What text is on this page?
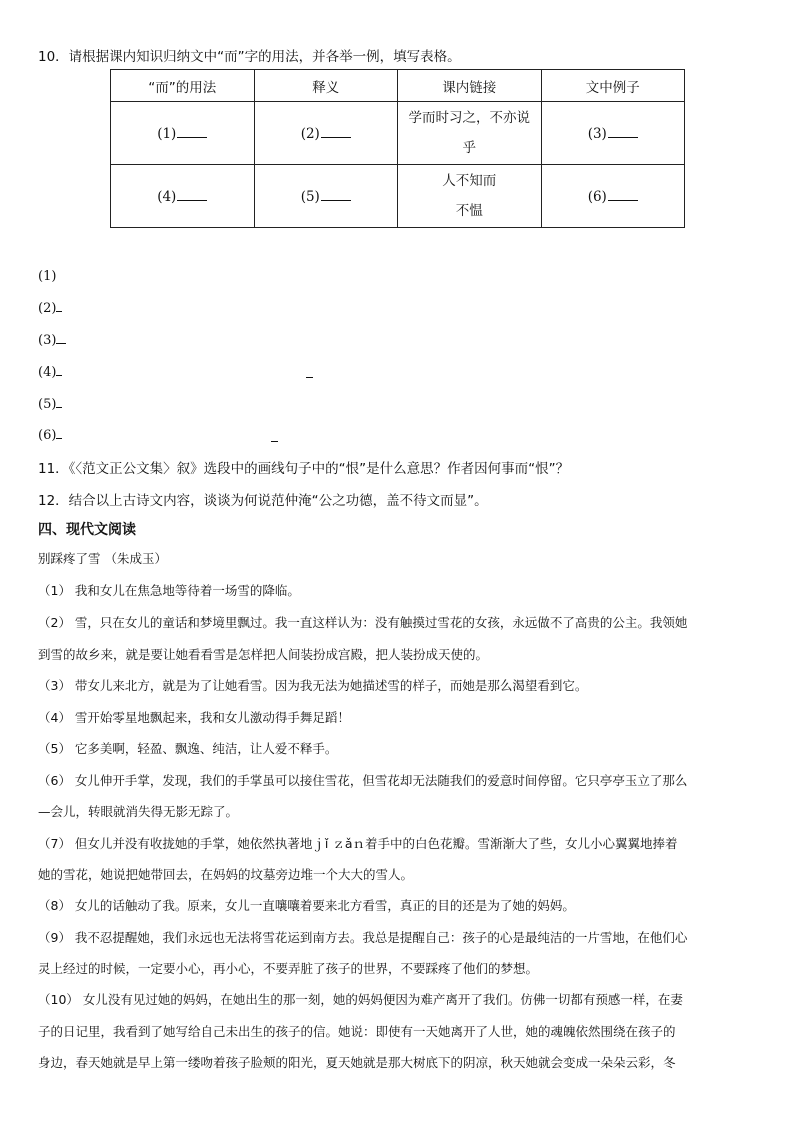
10．请根据课内知识归纳文中“而”字的用法，并各举一例，填写表格。
“而”的用法	释义	课内链接	文中例子
(1)	(2)	学而时习之，不亦说
乎	(3)
(4)	(5)	人不知而
不愠	(6)
(1)
(2)
(3)
(4)
(5)
(6)
11．《〈范文正公文集〉叙》选段中的画线句子中的“恨”是什么意思？作者因何事而“恨”？
12．结合以上古诗文内容，谈谈为何说范仲淹“公之功德，盖不待文而显”。
四、现代文阅读
别踩疼了雪 （朱成玉）
（1） 我和女儿在焦急地等待着一场雪的降临。
（2） 雪，只在女儿的童话和梦境里飘过。我一直这样认为：没有触摸过雪花的女孩，永远做不了高贵的公主。我领她
到雪的故乡来，就是要让她看看雪是怎样把人间装扮成宫殿，把人装扮成天使的。
（3） 带女儿来北方，就是为了让她看雪。因为我无法为她描述雪的样子，而她是那么渴望看到它。
（4） 雪开始零星地飘起来，我和女儿激动得手舞足蹈！
（5） 它多美啊，轻盈、飘逸、纯洁，让人爱不释手。
（6） 女儿伸开手掌，发现，我们的手掌虽可以接住雪花，但雪花却无法随我们的爱意时间停留。它只亭亭玉立了那么
—会儿，转眼就消失得无影无踪了。
（7） 但女儿并没有收拢她的手掌，她依然执著地ｊǐ ｚǎｎ着手中的白色花瓣。雪渐渐大了些，女儿小心翼翼地捧着
她的雪花，她说把她带回去，在妈妈的坟墓旁边堆一个大大的雪人。
（8） 女儿的话触动了我。原来，女儿一直嚷嚷着要来北方看雪，真正的目的还是为了她的妈妈。
（9） 我不忍提醒她，我们永远也无法将雪花运到南方去。我总是提醒自己：孩子的心是最纯洁的一片雪地，在他们心
灵上经过的时候，一定要小心，再小心，不要弄脏了孩子的世界，不要踩疼了他们的梦想。
（10） 女儿没有见过她的妈妈，在她出生的那一刻，她的妈妈便因为难产离开了我们。仿佛一切都有预感一样，在妻
子的日记里，我看到了她写给自己未出生的孩子的信。她说：即使有一天她离开了人世，她的魂魄依然围绕在孩子的
身边，春天她就是早上第一缕吻着孩子脸颊的阳光，夏天她就是那大树底下的阴凉，秋天她就会变成一朵朵云彩，冬
